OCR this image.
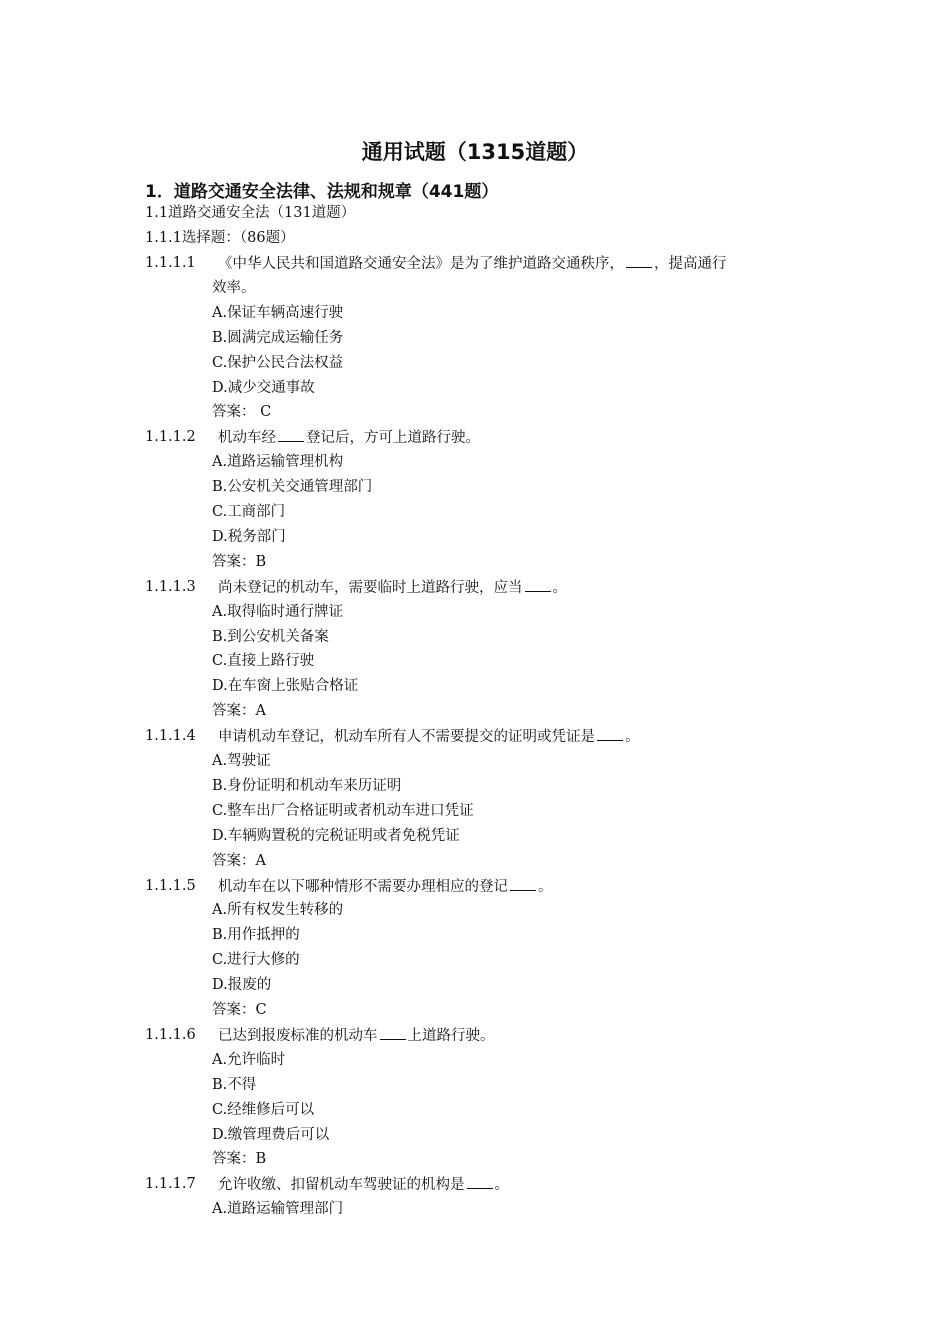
通用试题（1315道题）
1．道路交通安全法律、法规和规章（441题）
1.1道路交通安全法（131道题）
1.1.1选择题：（86题）
1.1.1.1 《中华人民共和国道路交通安全法》是为了维护道路交通秩序， ，提高通行
效率。
A.保证车辆高速行驶
B.圆满完成运输任务
C.保护公民合法权益
D.减少交通事故
答案： C
1.1.1.2 机动车经 登记后，方可上道路行驶。
A.道路运输管理机构
B.公安机关交通管理部门
C.工商部门
D.税务部门
答案：B
1.1.1.3 尚未登记的机动车，需要临时上道路行驶，应当 。
A.取得临时通行牌证
B.到公安机关备案
C.直接上路行驶
D.在车窗上张贴合格证
答案：A
1.1.1.4 申请机动车登记，机动车所有人不需要提交的证明或凭证是 。
A.驾驶证
B.身份证明和机动车来历证明
C.整车出厂合格证明或者机动车进口凭证
D.车辆购置税的完税证明或者免税凭证
答案：A
1.1.1.5 机动车在以下哪种情形不需要办理相应的登记 。
A.所有权发生转移的
B.用作抵押的
C.进行大修的
D.报废的
答案：C
1.1.1.6 已达到报废标准的机动车 上道路行驶。
A.允许临时
B.不得
C.经维修后可以
D.缴管理费后可以
答案：B
1.1.1.7 允许收缴、扣留机动车驾驶证的机构是 。
A.道路运输管理部门
